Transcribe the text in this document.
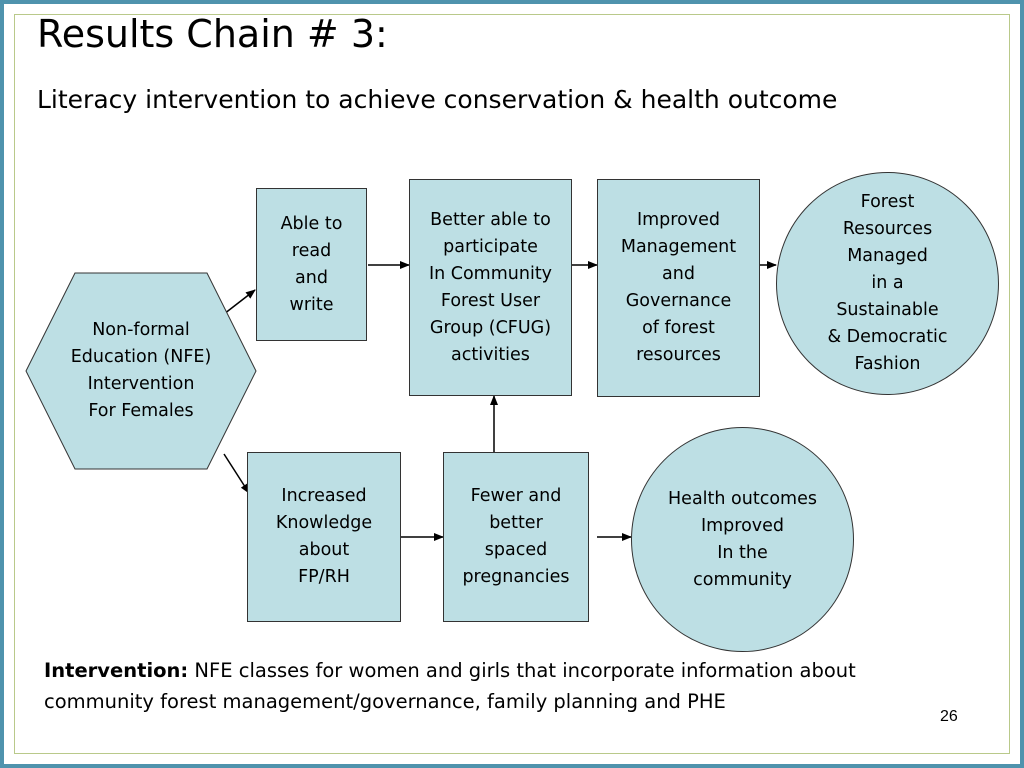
Results Chain # 3:
Literacy intervention to achieve conservation & health outcome
Non-formal
Education (NFE)
Intervention
For Females
Able to
read
and
write
Better able to
participate
In Community
Forest User
Group (CFUG)
activities
Improved
Management
and
Governance
of forest
resources
Forest
Resources
Managed
in a
Sustainable
& Democratic
Fashion
Increased
Knowledge
about
FP/RH
Fewer and
better
spaced
pregnancies
Health outcomes
Improved
In the
community
Intervention: NFE classes for women and girls that incorporate information about community forest management/governance, family planning and PHE
26
